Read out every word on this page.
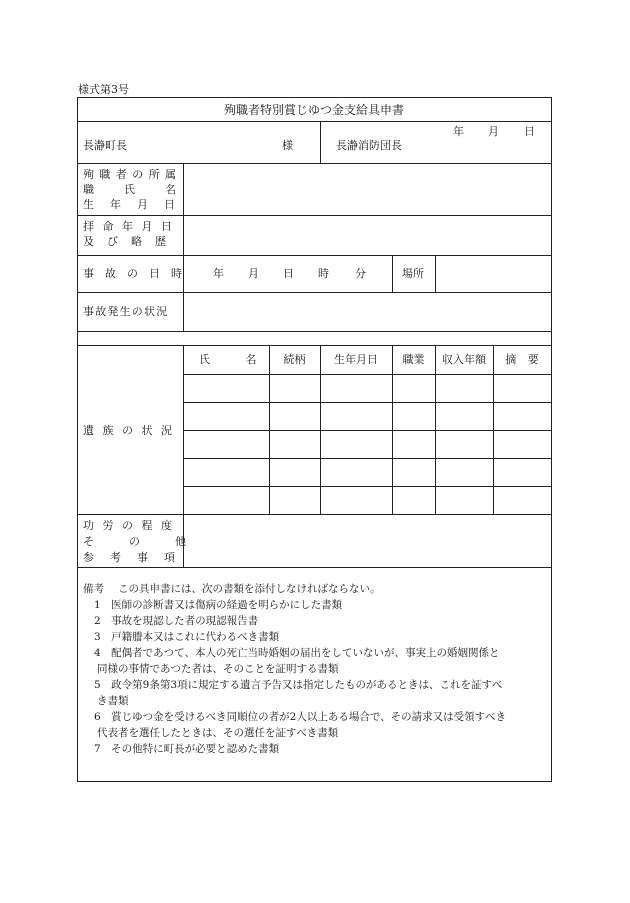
様式第3号
殉職者特別賞じゆつ金支給具申書
年 月 日
長瀞町長	様	長瀞消防団長
殉職者の所属
職氏名
生年月日
拝命年月日
及び略歴
事故の日時 年 月 日 時 分	場所
事故発生の状況
遺族の状況
氏 名	続柄	生年月日	職業	収入年額	摘 要
功労の程度
その他
参考事項
備考 この具申書には、次の書類を添付しなければならない。
1　医師の診断書又は傷病の経過を明らかにした書類
2　事故を現認した者の現認報告書
3　戸籍謄本又はこれに代わるべき書類
4　配偶者であつて、本人の死亡当時婚姻の届出をしていないが、事実上の婚姻関係と
同様の事情であつた者は、そのことを証明する書類
5　政令第9条第3項に規定する遺言予告又は指定したものがあるときは、これを証すべ
き書類
6　賞じゆつ金を受けるべき同順位の者が2人以上ある場合で、その請求又は受領すべき
代表者を選任したときは、その選任を証すべき書類
7　その他特に町長が必要と認めた書類
